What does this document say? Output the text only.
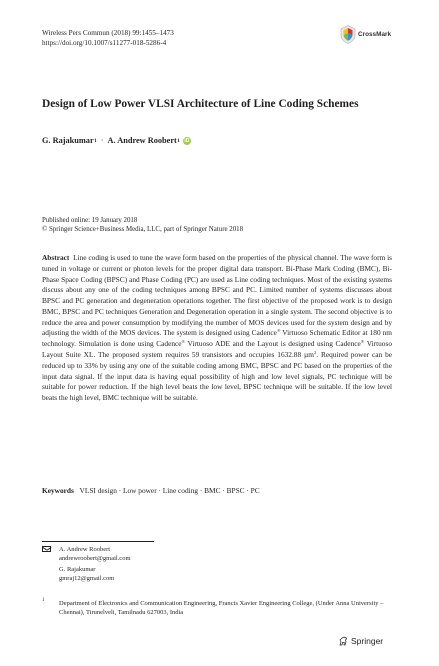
Wireless Pers Commun (2018) 99:1455–1473
https://doi.org/10.1007/s11277-018-5286-4
CrossMark
Design of Low Power VLSI Architecture of Line Coding Schemes
G. Rajakumar 1 · A. Andrew Roobert 1 iD
Published online: 19 January 2018
© Springer Science+Business Media, LLC, part of Springer Nature 2018
Abstract Line coding is used to tune the wave form based on the properties of the physical channel. The wave form is tuned in voltage or current or photon levels for the proper digital data transport. Bi-Phase Mark Coding (BMC), Bi-Phase Space Coding (BPSC) and Phase Coding (PC) are used as Line coding techniques. Most of the existing systems discuss about any one of the coding techniques among BPSC and PC. Limited number of systems discusses about BPSC and PC generation and degeneration operations together. The first objective of the proposed work is to design BMC, BPSC and PC techniques Generation and Degeneration operation in a single system. The second objective is to reduce the area and power consumption by modifying the number of MOS devices used for the system design and by adjusting the width of the MOS devices. The system is designed using Cadence® Virtuoso Schematic Editor at 180 nm technology. Simulation is done using Cadence® Virtuoso ADE and the Layout is designed using Cadence® Virtuoso Layout Suite XL. The proposed system requires 59 transistors and occupies 1632.88 µm$^2$. Required power can be reduced up to 33% by using any one of the suitable coding among BMC, BPSC and PC based on the properties of the input data signal. If the input data is having equal possibility of high and low level signals, PC technique will be suitable for power reduction. If the high level beats the low level, BPSC technique will be suitable. If the low level beats the high level, BMC technique will be suitable.
Keywords VLSI design · Low power · Line coding · BMC · BPSC · PC
A. Andrew Roobert
andrewroobert@gmail.com
G. Rajakumar
gmraj12@gmail.com
1	Department of Electronics and Communication Engineering, Francis Xavier Engineering College, (Under Anna University – Chennai), Tirunelveli, Tamilnadu 627003, India
Springer
